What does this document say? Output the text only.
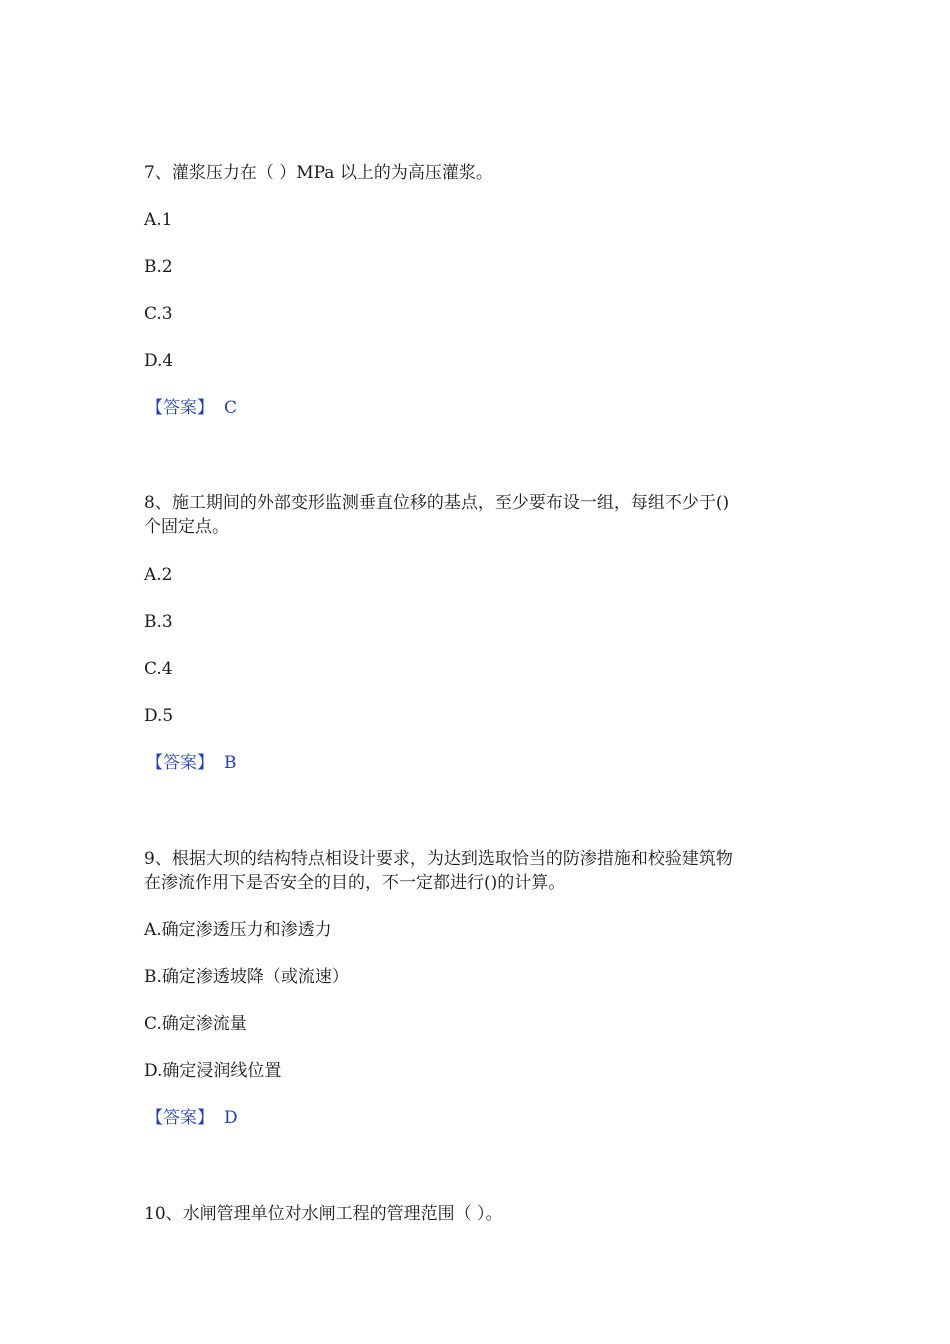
7、灌浆压力在（ ）MPa 以上的为高压灌浆。

A.1

B.2

C.3

D.4

【答案】 C

8、施工期间的外部变形监测垂直位移的基点，至少要布设一组，每组不少于()

个固定点。

A.2

B.3

C.4

D.5

【答案】 B

9、根据大坝的结构特点相设计要求，为达到选取恰当的防渗措施和校验建筑物

在渗流作用下是否安全的目的，不一定都进行()的计算。

A.确定渗透压力和渗透力

B.确定渗透坡降（或流速）

C.确定渗流量

D.确定浸润线位置

【答案】 D

10、水闸管理单位对水闸工程的管理范围（ ）。
